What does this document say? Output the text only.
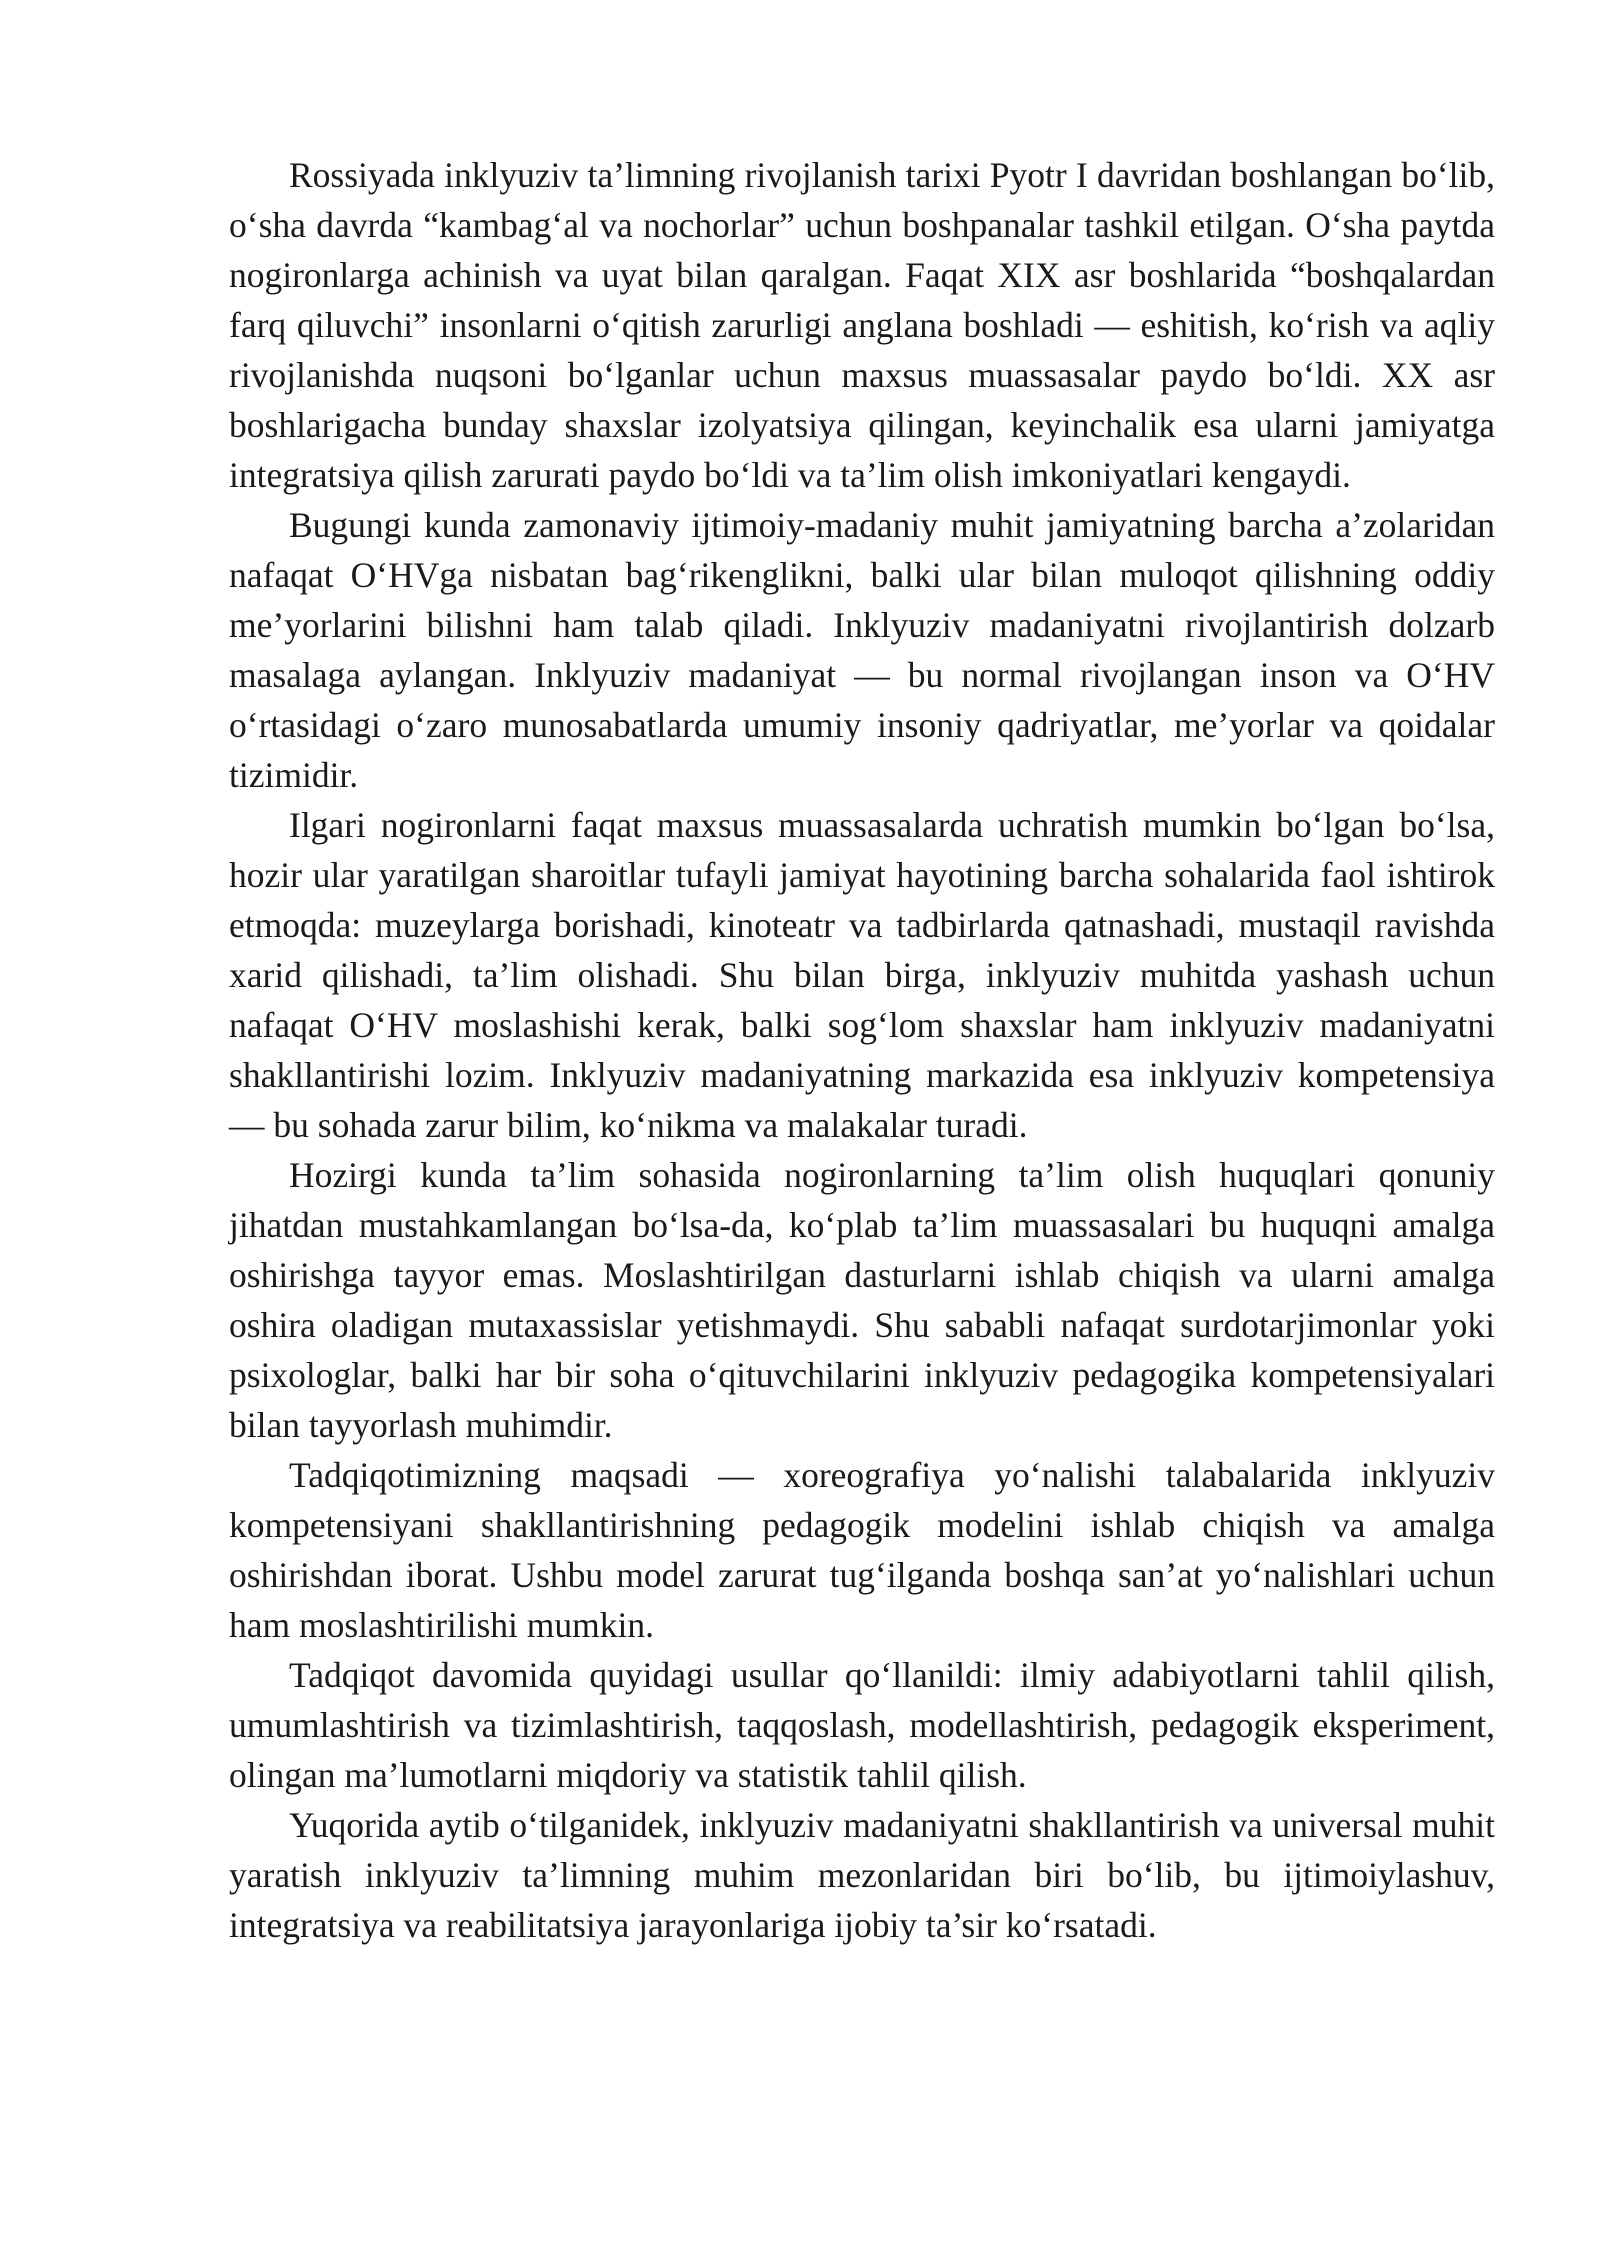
Rossiyada inklyuziv ta’limning rivojlanish tarixi Pyotr I davridan boshlangan bo‘lib, o‘sha davrda “kambag‘al va nochorlar” uchun boshpanalar tashkil etilgan. O‘sha paytda nogironlarga achinish va uyat bilan qaralgan. Faqat XIX asr boshlarida “boshqalardan farq qiluvchi” insonlarni o‘qitish zarurligi anglana boshladi — eshitish, ko‘rish va aqliy rivojlanishda nuqsoni bo‘lganlar uchun maxsus muassasalar paydo bo‘ldi. XX asr boshlarigacha bunday shaxslar izolyatsiya qilingan, keyinchalik esa ularni jamiyatga integratsiya qilish zarurati paydo bo‘ldi va ta’lim olish imkoniyatlari kengaydi.

Bugungi kunda zamonaviy ijtimoiy-madaniy muhit jamiyatning barcha a’zolaridan nafaqat O‘HVga nisbatan bag‘rikenglikni, balki ular bilan muloqot qilishning oddiy me’yorlarini bilishni ham talab qiladi. Inklyuziv madaniyatni rivojlantirish dolzarb masalaga aylangan. Inklyuziv madaniyat — bu normal rivojlangan inson va O‘HV o‘rtasidagi o‘zaro munosabatlarda umumiy insoniy qadriyatlar, me’yorlar va qoidalar tizimidir.

Ilgari nogironlarni faqat maxsus muassasalarda uchratish mumkin bo‘lgan bo‘lsa, hozir ular yaratilgan sharoitlar tufayli jamiyat hayotining barcha sohalarida faol ishtirok etmoqda: muzeylarga borishadi, kinoteatr va tadbirlarda qatnashadi, mustaqil ravishda xarid qilishadi, ta’lim olishadi. Shu bilan birga, inklyuziv muhitda yashash uchun nafaqat O‘HV moslashishi kerak, balki sog‘lom shaxslar ham inklyuziv madaniyatni shakllantirishi lozim. Inklyuziv madaniyatning markazida esa inklyuziv kompetensiya — bu sohada zarur bilim, ko‘nikma va malakalar turadi.

Hozirgi kunda ta’lim sohasida nogironlarning ta’lim olish huquqlari qonuniy jihatdan mustahkamlangan bo‘lsa-da, ko‘plab ta’lim muassasalari bu huquqni amalga oshirishga tayyor emas. Moslashtirilgan dasturlarni ishlab chiqish va ularni amalga oshira oladigan mutaxassislar yetishmaydi. Shu sababli nafaqat surdotarjimonlar yoki psixologlar, balki har bir soha o‘qituvchilarini inklyuziv pedagogika kompetensiyalari bilan tayyorlash muhimdir.

Tadqiqotimizning maqsadi — xoreografiya yo‘nalishi talabalarida inklyuziv kompetensiyani shakllantirishning pedagogik modelini ishlab chiqish va amalga oshirishdan iborat. Ushbu model zarurat tug‘ilganda boshqa san’at yo‘nalishlari uchun ham moslashtirilishi mumkin.

Tadqiqot davomida quyidagi usullar qo‘llanildi: ilmiy adabiyotlarni tahlil qilish, umumlashtirish va tizimlashtirish, taqqoslash, modellashtirish, pedagogik eksperiment, olingan ma’lumotlarni miqdoriy va statistik tahlil qilish.

Yuqorida aytib o‘tilganidek, inklyuziv madaniyatni shakllantirish va universal muhit yaratish inklyuziv ta’limning muhim mezonlaridan biri bo‘lib, bu ijtimoiylashuv, integratsiya va reabilitatsiya jarayonlariga ijobiy ta’sir ko‘rsatadi.
